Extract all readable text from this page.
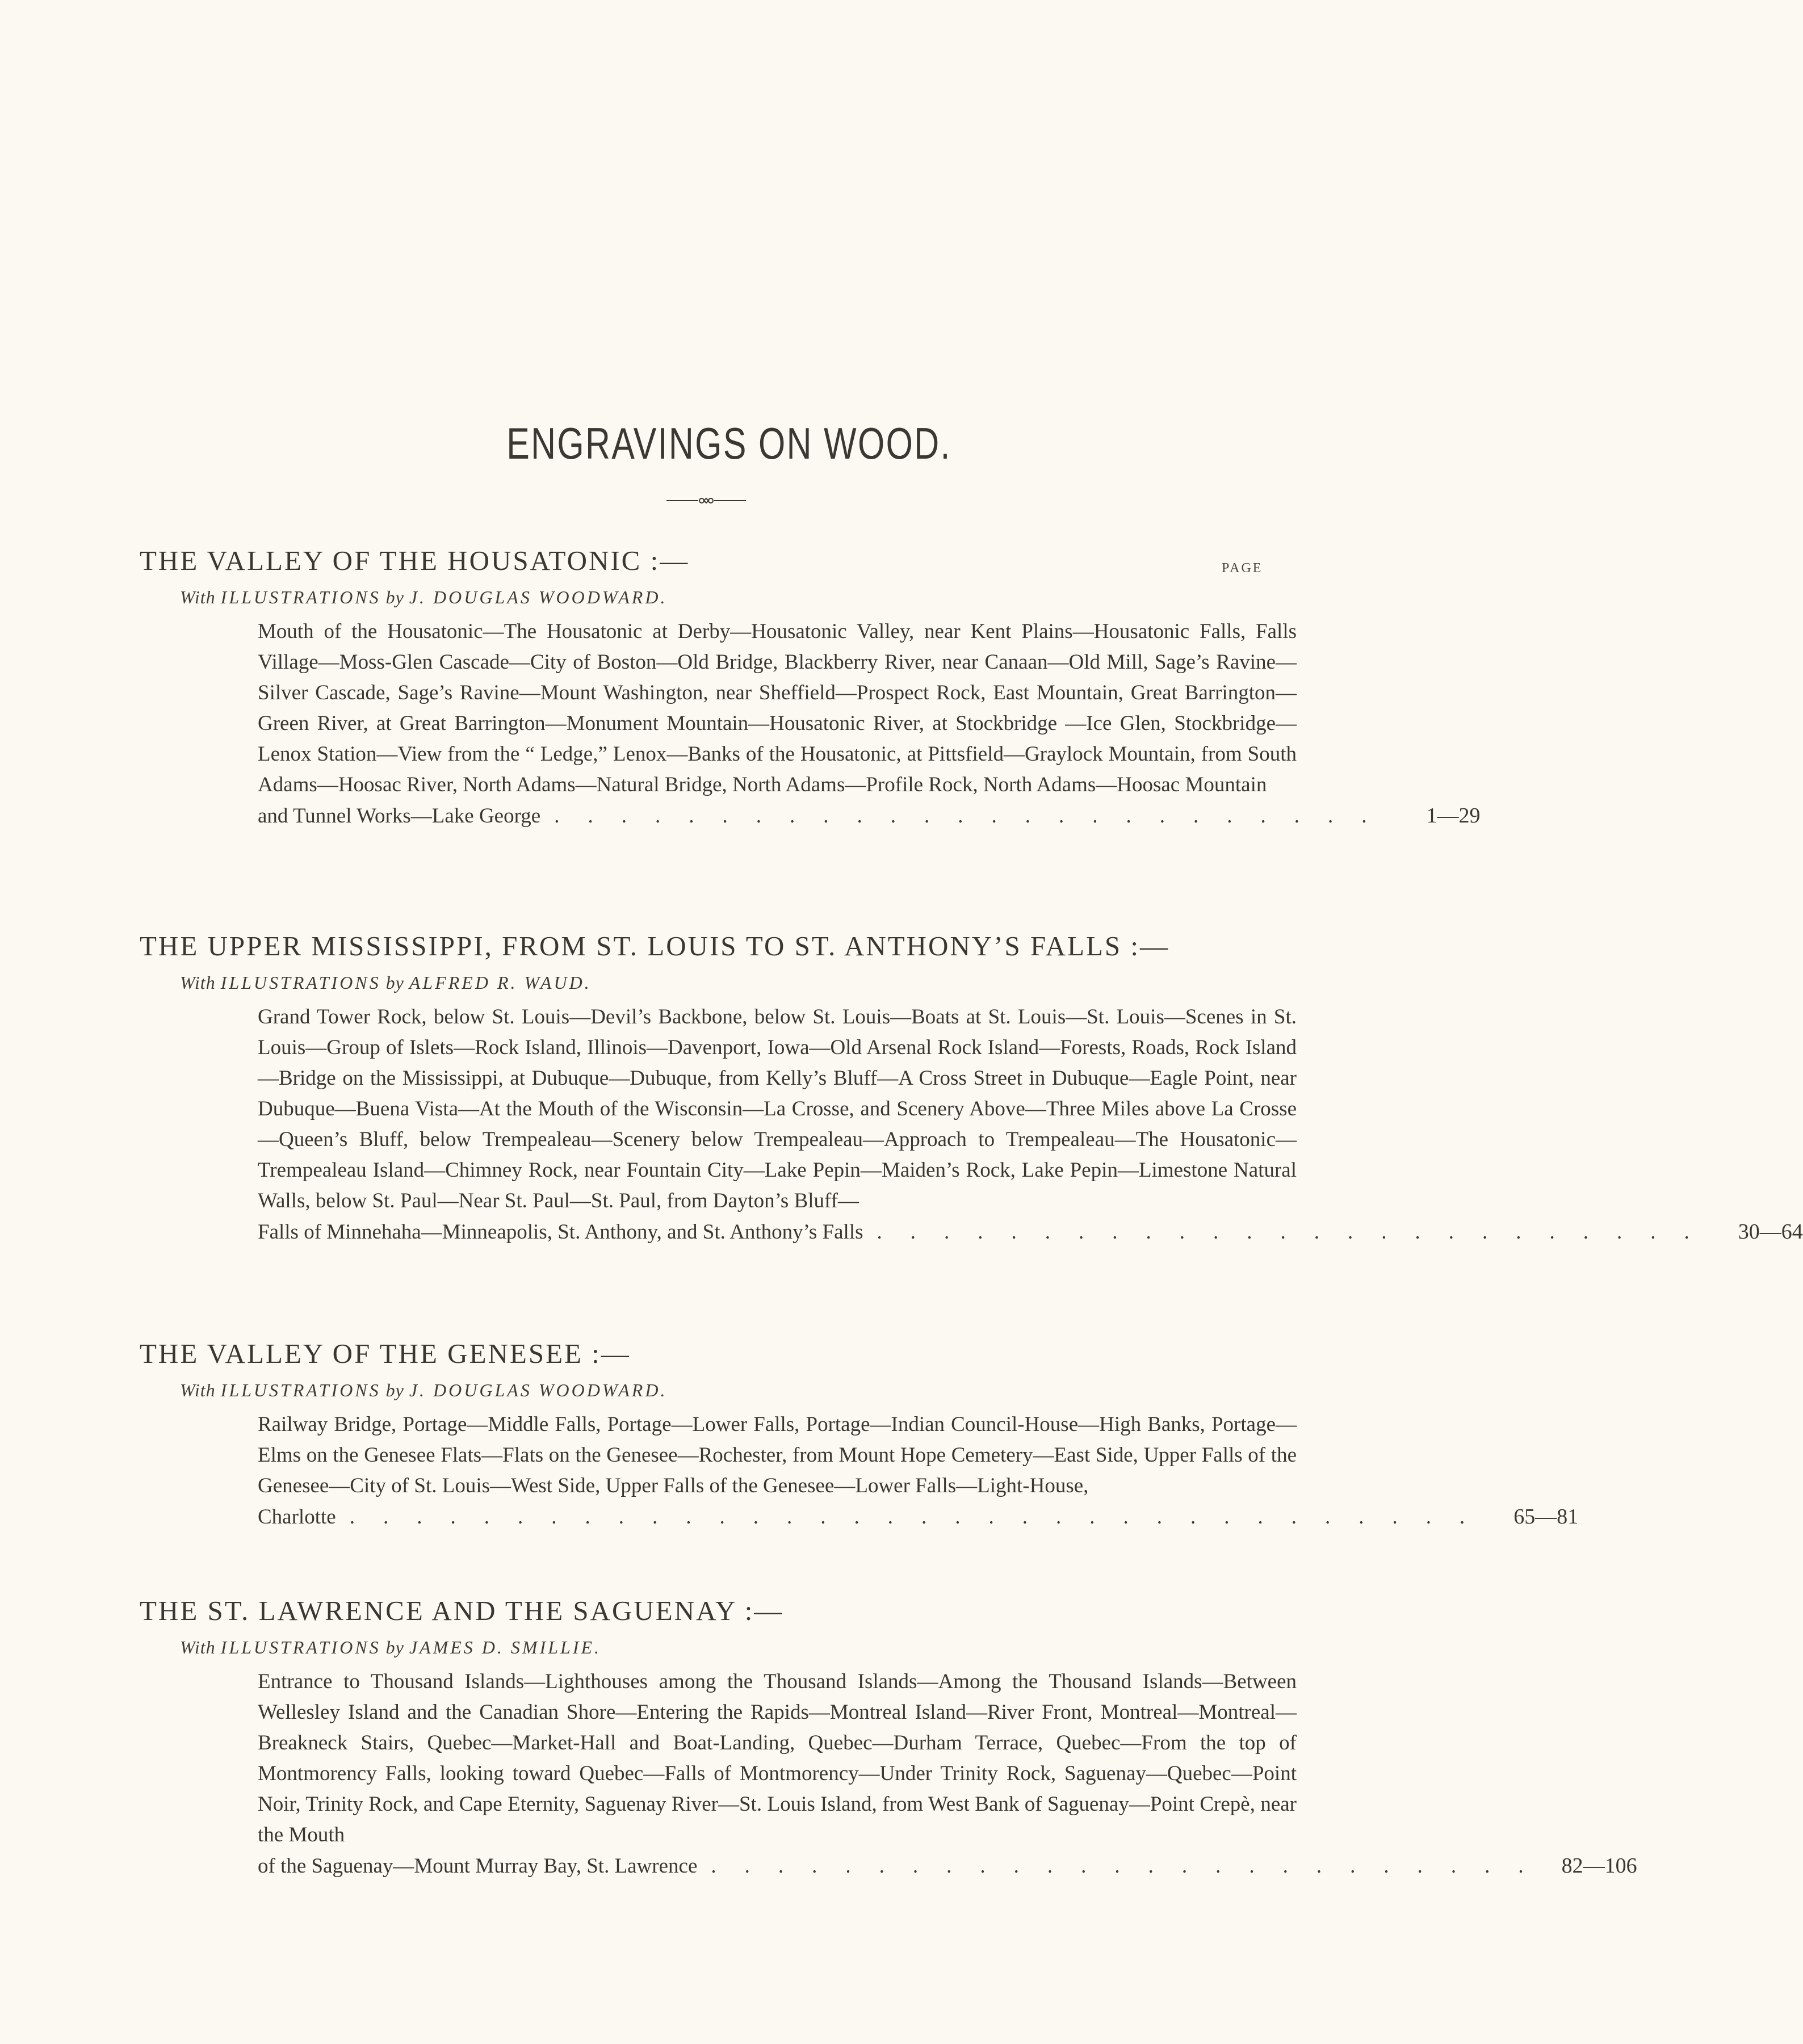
ENGRAVINGS ON WOOD.
PAGE
THE VALLEY OF THE HOUSATONIC :—
With ILLUSTRATIONS by J. DOUGLAS WOODWARD.
Mouth of the Housatonic—The Housatonic at Derby—Housatonic Valley, near Kent Plains—Housatonic Falls, Falls Village—Moss-Glen Cascade—City of Boston—Old Bridge, Blackberry River, near Canaan—Old Mill, Sage’s Ravine—Silver Cascade, Sage’s Ravine—Mount Washington, near Sheffield—Prospect Rock, East Mountain, Great Barrington—Green River, at Great Barrington—Monument Mountain—Housatonic River, at Stockbridge —Ice Glen, Stockbridge—Lenox Station—View from the “ Ledge,” Lenox—Banks of the Housatonic, at Pittsfield—Graylock Mountain, from South Adams—Hoosac River, North Adams—Natural Bridge, North Adams—Profile Rock, North Adams—Hoosac Mountain
and Tunnel Works—Lake George .........................	1—29
THE UPPER MISSISSIPPI, FROM ST. LOUIS TO ST. ANTHONY’S FALLS :—
With ILLUSTRATIONS by ALFRED R. WAUD.
Grand Tower Rock, below St. Louis—Devil’s Backbone, below St. Louis—Boats at St. Louis—St. Louis—Scenes in St. Louis—Group of Islets—Rock Island, Illinois—Davenport, Iowa—Old Arsenal Rock Island—Forests, Roads, Rock Island—Bridge on the Mississippi, at Dubuque—Dubuque, from Kelly’s Bluff—A Cross Street in Dubuque—Eagle Point, near Dubuque—Buena Vista—At the Mouth of the Wisconsin—La Crosse, and Scenery Above—Three Miles above La Crosse—Queen’s Bluff, below Trempealeau—Scenery below Trempealeau—Approach to Trempealeau—The Housatonic—Trempealeau Island—Chimney Rock, near Fountain City—Lake Pepin—Maiden’s Rock, Lake Pepin—Limestone Natural Walls, below St. Paul—Near St. Paul—St. Paul, from Dayton’s Bluff—
Falls of Minnehaha—Minneapolis, St. Anthony, and St. Anthony’s Falls ......................... 30—64
THE VALLEY OF THE GENESEE :—
With ILLUSTRATIONS by J. DOUGLAS WOODWARD.
Railway Bridge, Portage—Middle Falls, Portage—Lower Falls, Portage—Indian Council-House—High Banks, Portage—Elms on the Genesee Flats—Flats on the Genesee—Rochester, from Mount Hope Cemetery—East Side, Upper Falls of the Genesee—City of St. Louis—West Side, Upper Falls of the Genesee—Lower Falls—Light-House,
Charlotte .................................. 65—81
THE ST. LAWRENCE AND THE SAGUENAY :—
With ILLUSTRATIONS by JAMES D. SMILLIE.
Entrance to Thousand Islands—Lighthouses among the Thousand Islands—Among the Thousand Islands—Between Wellesley Island and the Canadian Shore—Entering the Rapids—Montreal Island—River Front, Montreal—Montreal—Breakneck Stairs, Quebec—Market-Hall and Boat-Landing, Quebec—Durham Terrace, Quebec—From the top of Montmorency Falls, looking toward Quebec—Falls of Montmorency—Under Trinity Rock, Saguenay—Quebec—Point Noir, Trinity Rock, and Cape Eternity, Saguenay River—St. Louis Island, from West Bank of Saguenay—Point Crepè, near the Mouth
of the Saguenay—Mount Murray Bay, St. Lawrence ......................... 82—106
